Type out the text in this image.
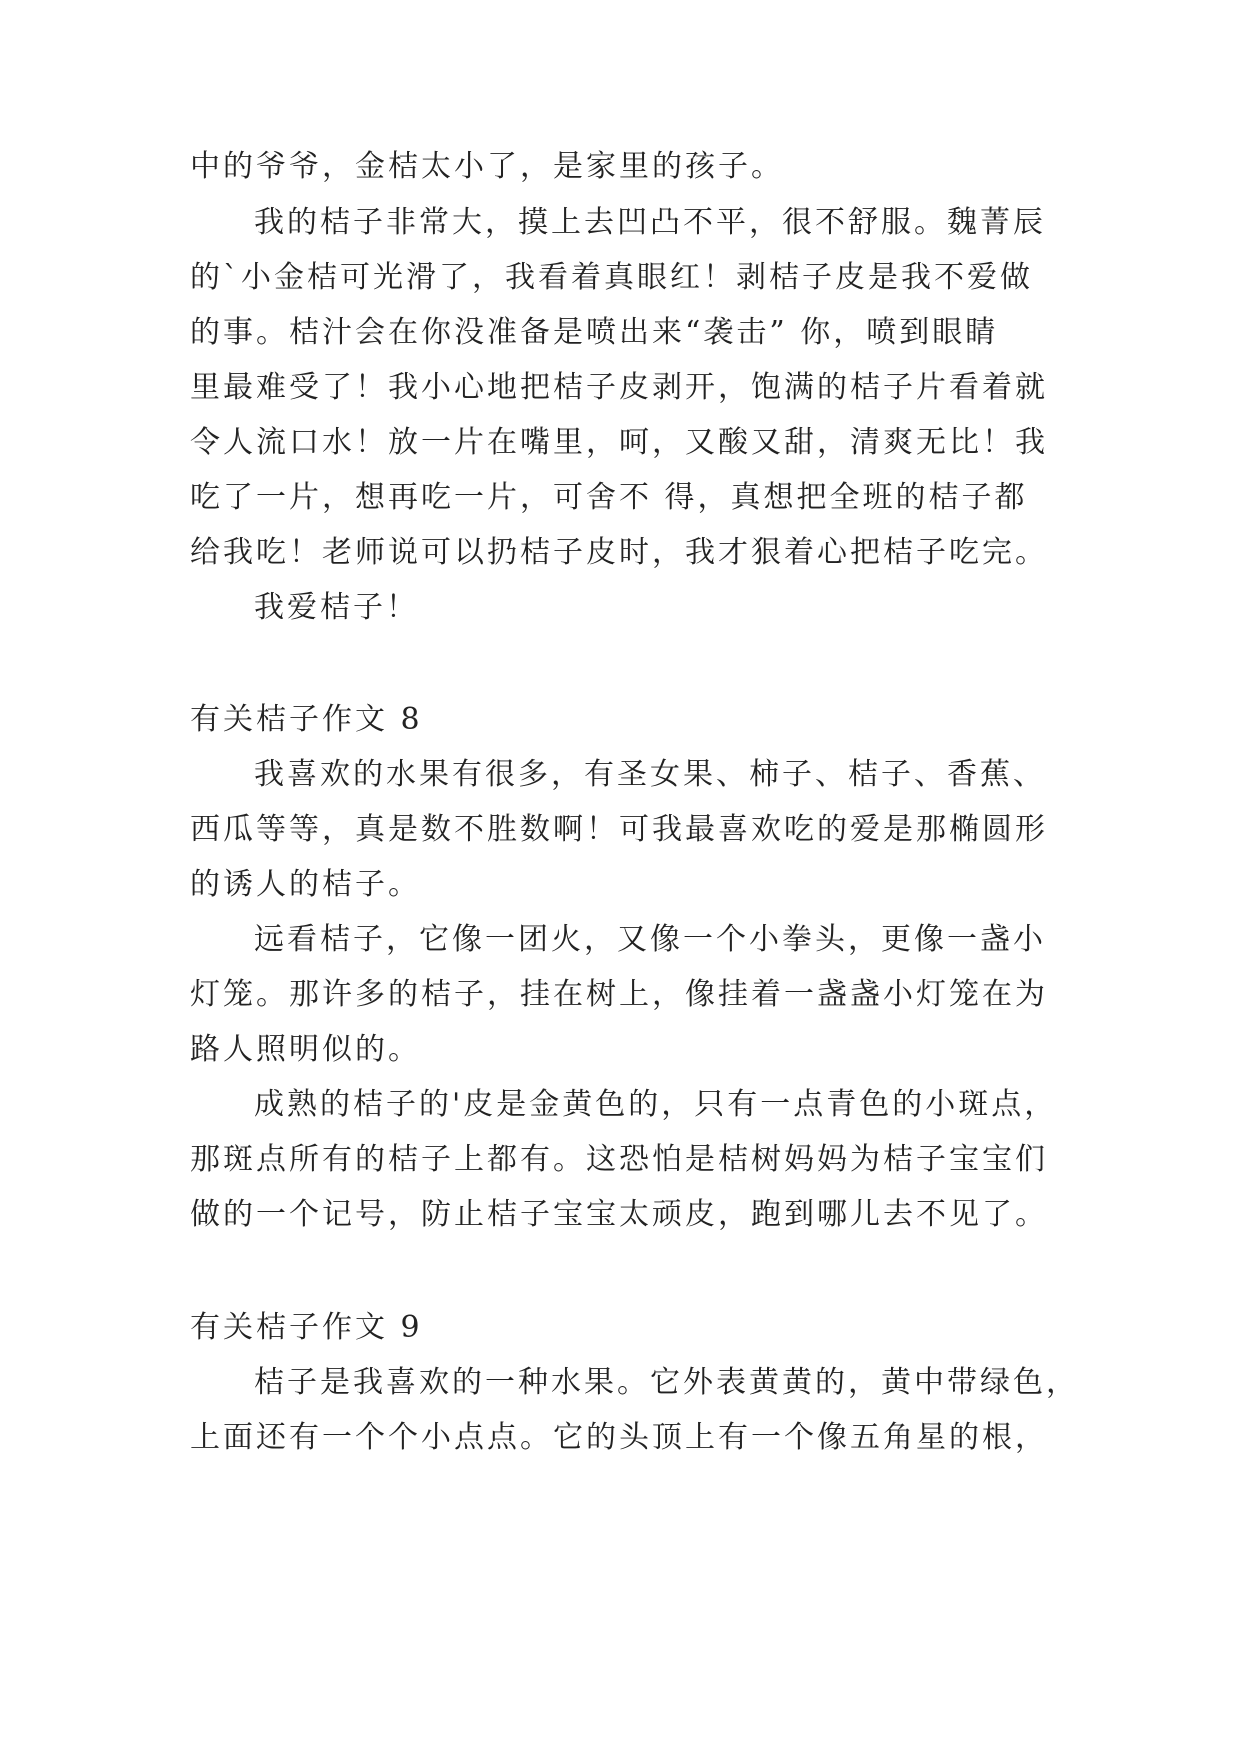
中的爷爷，金桔太小了，是家里的孩子。
我的桔子非常大，摸上去凹凸不平，很不舒服。魏菁辰
的`小金桔可光滑了，我看着真眼红！剥桔子皮是我不爱做
的事。桔汁会在你没准备是喷出来“袭击” 你，喷到眼睛
里最难受了！我小心地把桔子皮剥开，饱满的桔子片看着就
令人流口水！放一片在嘴里，呵，又酸又甜，清爽无比！我
吃了一片，想再吃一片，可舍不 得，真想把全班的桔子都
给我吃！老师说可以扔桔子皮时，我才狠着心把桔子吃完。
我爱桔子！
有关桔子作文 8
我喜欢的水果有很多，有圣女果、柿子、桔子、香蕉、
西瓜等等，真是数不胜数啊！可我最喜欢吃的爱是那椭圆形
的诱人的桔子。
远看桔子，它像一团火，又像一个小拳头，更像一盏小
灯笼。那许多的桔子，挂在树上，像挂着一盏盏小灯笼在为
路人照明似的。
成熟的桔子的'皮是金黄色的，只有一点青色的小斑点，
那斑点所有的桔子上都有。这恐怕是桔树妈妈为桔子宝宝们
做的一个记号，防止桔子宝宝太顽皮，跑到哪儿去不见了。
有关桔子作文 9
桔子是我喜欢的一种水果。它外表黄黄的，黄中带绿色，
上面还有一个个小点点。它的头顶上有一个像五角星的根，
